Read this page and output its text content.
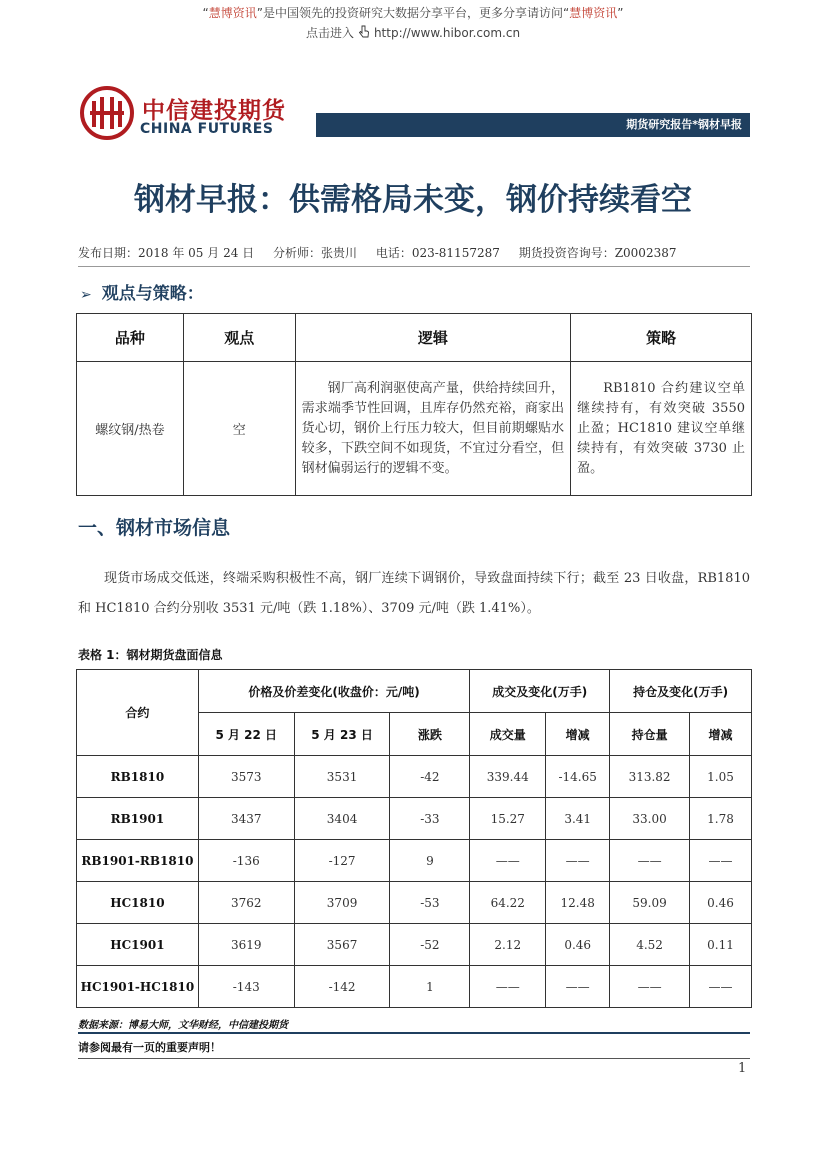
“慧博资讯”是中国领先的投资研究大数据分享平台，更多分享请访问“慧博资讯”
点击进入 http://www.hibor.com.cn
中信建投期货
CHINA FUTURES	期货研究报告*钢材早报
钢材早报：供需格局未变，钢价持续看空
发布日期：2018 年 05 月 24 日 分析师：张贵川 电话：023-81157287 期货投资咨询号：Z0002387
➢ 观点与策略：
品种	观点	逻辑	策略
螺纹钢/热卷	空	钢厂高利润驱使高产量，供给持续回升，需求端季节性回调，且库存仍然充裕，商家出货心切，钢价上行压力较大，但目前期螺贴水较多，下跌空间不如现货，不宜过分看空，但钢材偏弱运行的逻辑不变。	RB1810 合约建议空单继续持有，有效突破 3550 止盈；HC1810 建议空单继续持有，有效突破 3730 止盈。
一、钢材市场信息
现货市场成交低迷，终端采购积极性不高，钢厂连续下调钢价，导致盘面持续下行；截至 23 日收盘，RB1810 和 HC1810 合约分别收 3531 元/吨（跌 1.18%）、3709 元/吨（跌 1.41%）。
表格 1：钢材期货盘面信息
合约	价格及价差变化(收盘价：元/吨)			成交及变化(万手)		持仓及变化(万手)	
	5 月 22 日	5 月 23 日	涨跌	成交量	增减	持仓量	增减
RB1810	3573	3531	-42	339.44	-14.65	313.82	1.05
RB1901	3437	3404	-33	15.27	3.41	33.00	1.78
RB1901-RB1810	-136	-127	9	——	——	——	——
HC1810	3762	3709	-53	64.22	12.48	59.09	0.46
HC1901	3619	3567	-52	2.12	0.46	4.52	0.11
HC1901-HC1810	-143	-142	1	——	——	——	——
数据来源：博易大师，文华财经，中信建投期货
请参阅最有一页的重要声明！
1
